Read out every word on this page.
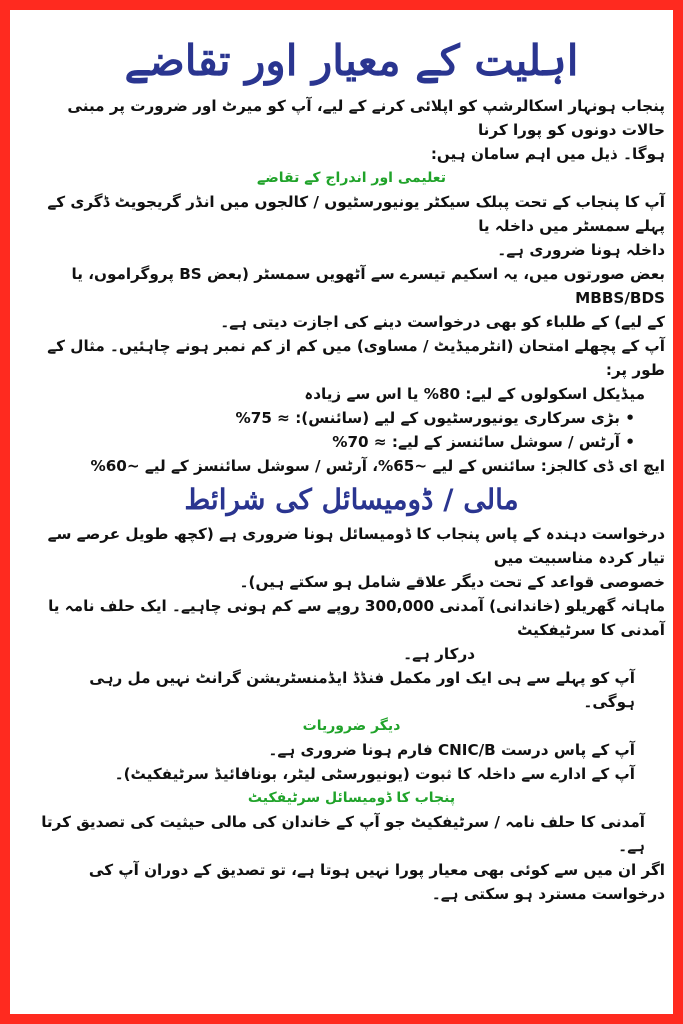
اہلیت کے معیار اور تقاضے

پنجاب ہونہار اسکالرشپ کو اپلائی کرنے کے لیے، آپ کو میرٹ اور ضرورت پر مبنی حالات دونوں کو پورا کرنا

ہوگا۔ ذیل میں اہم سامان ہیں:

تعلیمی اور اندراج کے تقاضے

آپ کا پنجاب کے تحت پبلک سیکٹر یونیورسٹیوں / کالجوں میں انڈر گریجویٹ ڈگری کے پہلے سمسٹر میں داخلہ یا

داخلہ ہونا ضروری ہے۔

بعض صورتوں میں، یہ اسکیم تیسرے سے آٹھویں سمسٹر (بعض BS پروگراموں، یا MBBS/BDS

کے لیے) کے طلباء کو بھی درخواست دینے کی اجازت دیتی ہے۔

آپ کے پچھلے امتحان (انٹرمیڈیٹ / مساوی) میں کم از کم نمبر ہونے چاہئیں۔ مثال کے طور پر:

میڈیکل اسکولوں کے لیے: 80% یا اس سے زیادہ

• بڑی سرکاری یونیورسٹیوں کے لیے (سائنس): ≈ 75%

• آرٹس / سوشل سائنسز کے لیے: ≈ 70%

ایچ ای ڈی کالجز: سائنس کے لیے ~65%، آرٹس / سوشل سائنسز کے لیے ~60%

مالی / ڈومیسائل کی شرائط

درخواست دہندہ کے پاس پنجاب کا ڈومیسائل ہونا ضروری ہے (کچھ طویل عرصے سے تیار کردہ مناسبیت میں

خصوصی قواعد کے تحت دیگر علاقے شامل ہو سکتے ہیں)۔

ماہانہ گھریلو (خاندانی) آمدنی 300,000 روپے سے کم ہونی چاہیے۔ ایک حلف نامہ یا آمدنی کا سرٹیفکیٹ

درکار ہے۔

آپ کو پہلے سے ہی ایک اور مکمل فنڈڈ ایڈمنسٹریشن گرانٹ نہیں مل رہی ہوگی۔

دیگر ضروریات

آپ کے پاس درست CNIC/B فارم ہونا ضروری ہے۔

آپ کے ادارے سے داخلہ کا ثبوت (یونیورسٹی لیٹر، بونافائیڈ سرٹیفکیٹ)۔

پنجاب کا ڈومیسائل سرٹیفکیٹ

آمدنی کا حلف نامہ / سرٹیفکیٹ جو آپ کے خاندان کی مالی حیثیت کی تصدیق کرتا ہے۔

اگر ان میں سے کوئی بھی معیار پورا نہیں ہوتا ہے، تو تصدیق کے دوران آپ کی درخواست مسترد ہو سکتی ہے۔
